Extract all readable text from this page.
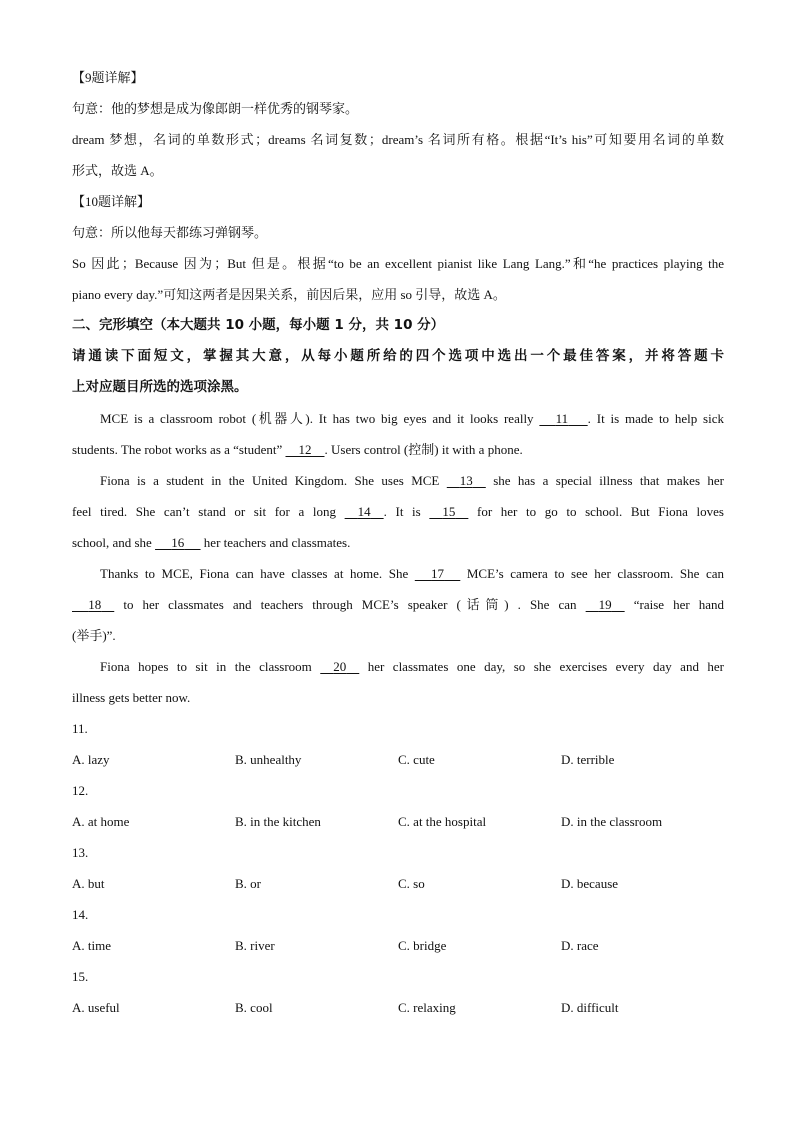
【9题详解】
句意：他的梦想是成为像郎朗一样优秀的钢琴家。
dream 梦想，名词的单数形式；dreams 名词复数；dream’s 名词所有格。根据“It’s his”可知要用名词的单数
形式，故选 A。
【10题详解】
句意：所以他每天都练习弹钢琴。
So 因此；Because 因为；But 但是。根据“to be an excellent pianist like Lang Lang.”和“he practices playing the
piano every day.”可知这两者是因果关系，前因后果，应用 so 引导，故选 A。
二、完形填空（本大题共 10 小题，每小题 1 分，共 10 分）
请通读下面短文，掌握其大意，从每小题所给的四个选项中选出一个最佳答案，并将答题卡
上对应题目所选的选项涂黑。
MCE is a classroom robot (机器人). It has two big eyes and it looks really 11 . It is made to help sick
students. The robot works as a “student” 12 . Users control (控制) it with a phone.
Fiona is a student in the United Kingdom. She uses MCE 13 she has a special illness that makes her
feel tired. She can’t stand or sit for a long 14 . It is 15 for her to go to school. But Fiona loves
school, and she 16 her teachers and classmates.
Thanks to MCE, Fiona can have classes at home. She 17 MCE’s camera to see her classroom. She can
18 to her classmates and teachers through MCE’s speaker (话筒) . She can 19 “raise her hand
(举手)”.
Fiona hopes to sit in the classroom 20 her classmates one day, so she exercises every day and her
illness gets better now.
11.
A. lazy	B. unhealthy	C. cute	D. terrible
12.
A. at home	B. in the kitchen	C. at the hospital	D. in the classroom
13.
A. but	B. or	C. so	D. because
14.
A. time	B. river	C. bridge	D. race
15.
A. useful	B. cool	C. relaxing	D. difficult
